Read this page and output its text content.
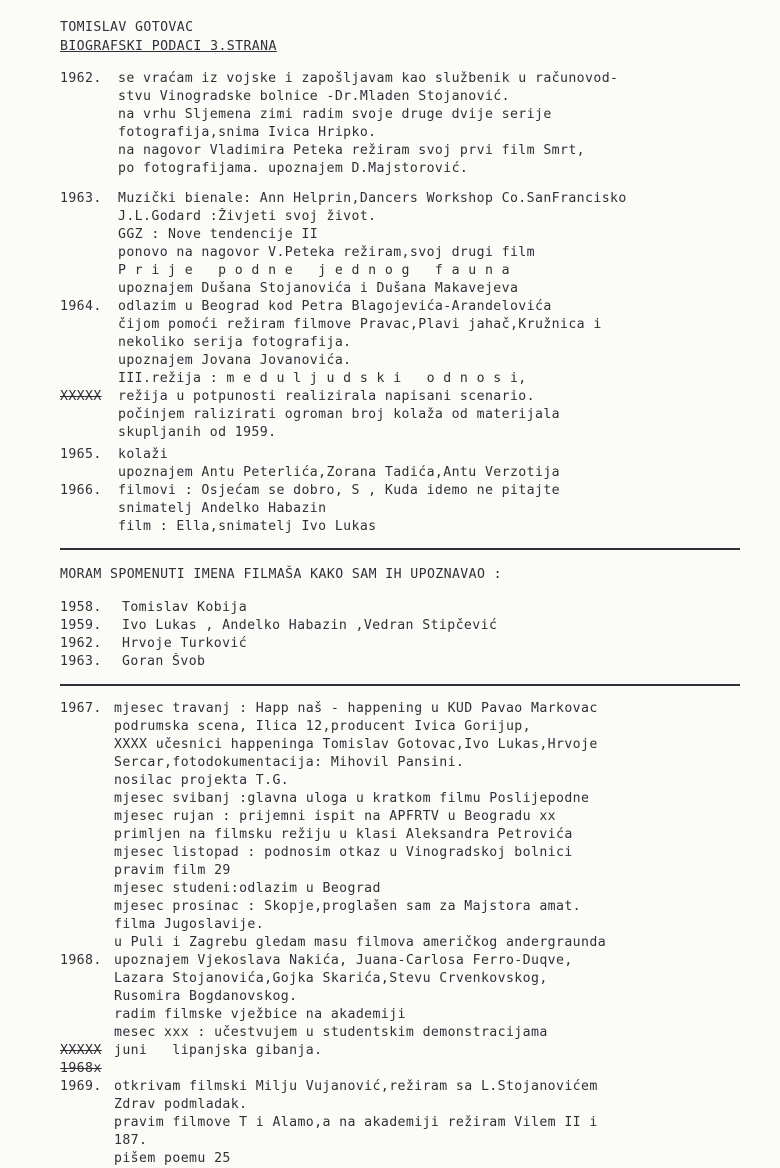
TOMISLAV GOTOVAC
BIOGRAFSKI PODACI 3.STRANA
1962.	se vraćam iz vojske i zapošljavam kao službenik u računovod-
stvu Vinogradske bolnice -Dr.Mladen Stojanović.
na vrhu Sljemena zimi radim svoje druge dvije serije
fotografija,snima Ivica Hripko.
na nagovor Vladimira Peteka režiram svoj prvi film Smrt,
po fotografijama. upoznajem D.Majstorović.
1963.	Muzički bienale: Ann Helprin,Dancers Workshop Co.SanFrancisko
J.L.Godard :Živjeti svoj život.
GGZ : Nove tendencije II
ponovo na nagovor V.Peteka režiram,svoj drugi film
P r i j e   p o d n e   j e d n o g   f a u n a
upoznajem Dušana Stojanovića i Dušana Makavejeva
1964.	odlazim u Beograd kod Petra Blagojevića-Arandelovića
čijom pomoći režiram filmove Pravac,Plavi jahač,Kružnica i
nekoliko serija fotografija.
upoznajem Jovana Jovanovića.
III.režija : m e d u l j u d s k i   o d n o s i,
XXXXX	režija u potpunosti realizirala napisani scenario.
počinjem ralizirati ogroman broj kolaža od materijala
skupljanih od 1959.
1965.	kolaži
upoznajem Antu Peterlića,Zorana Tadića,Antu Verzotija
1966.	filmovi : Osjećam se dobro, S , Kuda idemo ne pitajte
snimatelj Andelko Habazin
film : Ella,snimatelj Ivo Lukas
MORAM SPOMENUTI IMENA FILMAŠA KAKO SAM IH UPOZNAVAO :
1958.	Tomislav Kobija
1959.	Ivo Lukas , Andelko Habazin ,Vedran Stipčević
1962.	Hrvoje Turković
1963.	Goran Švob
1967. mjesec travanj : Happ naš - happening u KUD Pavao Markovac
podrumska scena, Ilica 12,producent Ivica Gorijup,
XXXX učesnici happeninga Tomislav Gotovac,Ivo Lukas,Hrvoje
Sercar,fotodokumentacija: Mihovil Pansini.
nosilac projekta T.G.
mjesec svibanj :glavna uloga u kratkom filmu Poslijepodne
mjesec rujan : prijemni ispit na APFRTV u Beogradu xx
primljen na filmsku režiju u klasi Aleksandra Petrovića
mjesec listopad : podnosim otkaz u Vinogradskoj bolnici
pravim film 29
mjesec studeni:odlazim u Beograd
mjesec prosinac : Skopje,proglašen sam za Majstora amat.
filma Jugoslavije.
u Puli i Zagrebu gledam masu filmova američkog andergraunda
1968. upoznajem Vjekoslava Nakića, Juana-Carlosa Ferro-Duqve,
Lazara Stojanovića,Gojka Skarića,Stevu Crvenkovskog,
Rusomira Bogdanovskog.
radim filmske vježbice na akademiji
mesec xxx : učestvujem u studentskim demonstracijama
XXXXX juni   lipanjska gibanja.
1968x
1969. otkrivam filmski Milju Vujanović,režiram sa L.Stojanovićem
Zdrav podmladak.
pravim filmove T i Alamo,a na akademiji režiram Vilem II i
187.
pišem poemu 25
